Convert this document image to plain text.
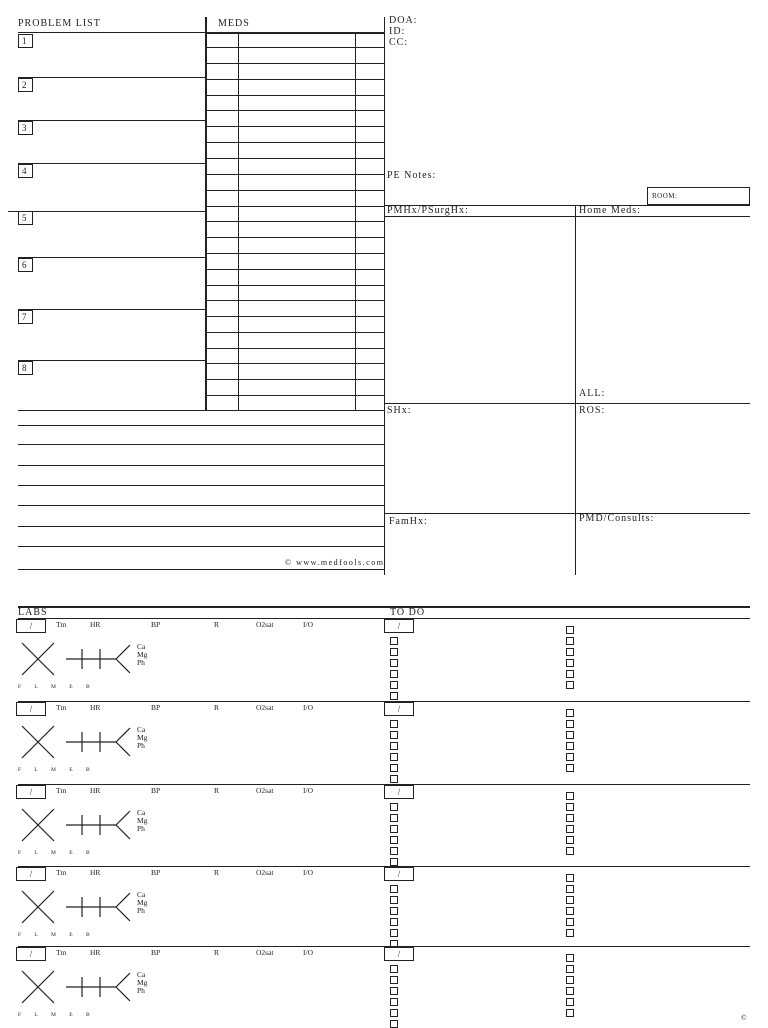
PROBLEM LIST	MEDS
1
2
3
4
5
6
7
8
© www.medfools.com
DOA:
ID:
CC:
PE Notes:
ROOM:
PMHx/PSurgHx:	Home Meds:
ALL:
SHx:	ROS:
FamHx:	PMD/Consults:
LABS	TO DO
/	Tm	HR	BP	R	O2sat	I/O
Ca
Mg
Ph
F L M E B
/
/	Tm	HR	BP	R	O2sat	I/O
Ca
Mg
Ph
F L M E B
/
/	Tm	HR	BP	R	O2sat	I/O
Ca
Mg
Ph
F L M E B
/
/	Tm	HR	BP	R	O2sat	I/O
Ca
Mg
Ph
F L M E B
/
/	Tm	HR	BP	R	O2sat	I/O
Ca
Mg
Ph
F L M E B
/
©
